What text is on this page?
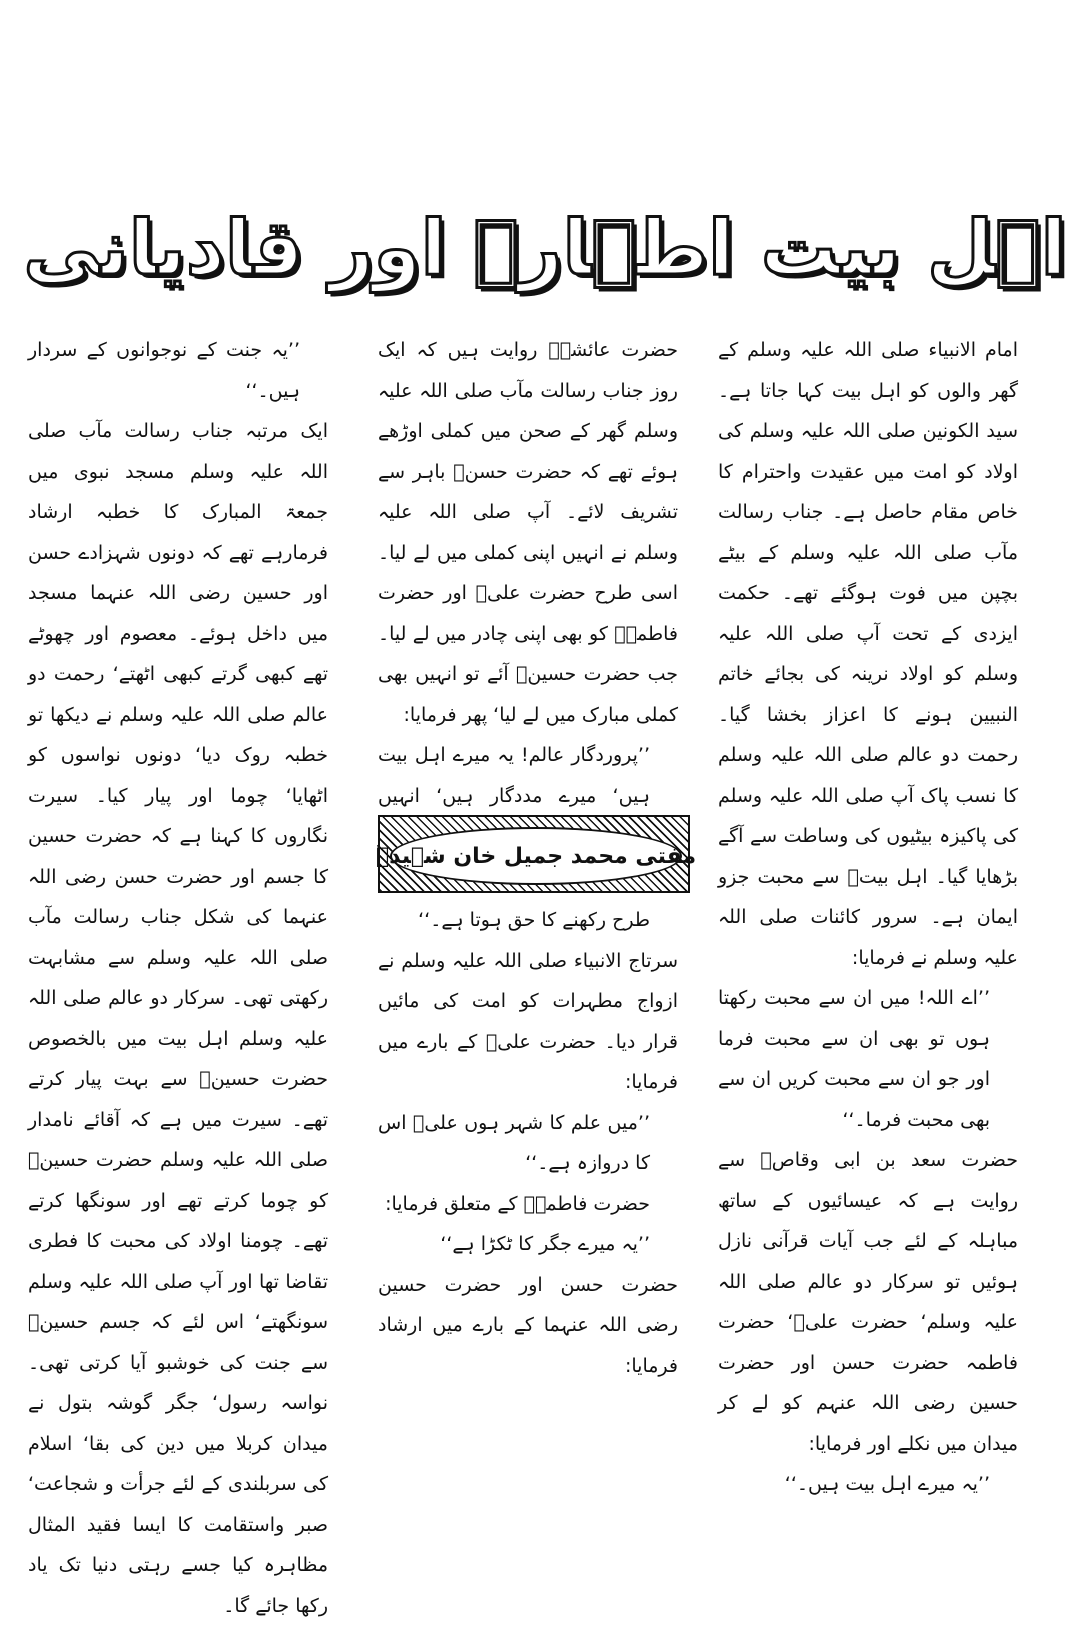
اہل بیت اطہارؓ اور قادیانی

امام الانبیاء صلی اللہ علیہ وسلم کے گھر والوں کو اہل بیت کہا جاتا ہے۔ سید الکونین صلی اللہ علیہ وسلم کی اولاد کو امت میں عقیدت واحترام کا خاص مقام حاصل ہے۔ جناب رسالت مآب صلی اللہ علیہ وسلم کے بیٹے بچپن میں فوت ہوگئے تھے۔ حکمت ایزدی کے تحت آپ صلی اللہ علیہ وسلم کو اولاد نرینہ کی بجائے خاتم النبیین ہونے کا اعزاز بخشا گیا۔ رحمت دو عالم صلی اللہ علیہ وسلم کا نسب پاک آپ صلی اللہ علیہ وسلم کی پاکیزہ بیٹیوں کی وساطت سے آگے بڑھایا گیا۔ اہل بیتؓ سے محبت جزو ایمان ہے۔ سرور کائنات صلی اللہ علیہ وسلم نے فرمایا:

’’اے اللہ! میں ان سے محبت رکھتا ہوں تو بھی ان سے محبت فرما اور جو ان سے محبت کریں ان سے بھی محبت فرما۔‘‘

حضرت سعد بن ابی وقاصؓ سے روایت ہے کہ عیسائیوں کے ساتھ مباہلہ کے لئے جب آیات قرآنی نازل ہوئیں تو سرکار دو عالم صلی اللہ علیہ وسلم‘ حضرت علیؓ‘ حضرت فاطمہ حضرت حسن اور حضرت حسین رضی اللہ عنہم کو لے کر میدان میں نکلے اور فرمایا:

’’یہ میرے اہل بیت ہیں۔‘‘

حضرت عائشہؓ روایت ہیں کہ ایک روز جناب رسالت مآب صلی اللہ علیہ وسلم گھر کے صحن میں کملی اوڑھے ہوئے تھے کہ حضرت حسنؓ باہر سے تشریف لائے۔ آپ صلی اللہ علیہ وسلم نے انہیں اپنی کملی میں لے لیا۔ اسی طرح حضرت علیؓ اور حضرت فاطمہؓ کو بھی اپنی چادر میں لے لیا۔ جب حضرت حسینؓ آئے تو انہیں بھی کملی مبارک میں لے لیا‘ پھر فرمایا:

’’پروردگار عالم! یہ میرے اہل بیت ہیں‘ میرے مددگار ہیں‘ انہیں

مفتی محمد جمیل خان شہیدؒ

طرح رکھنے کا حق ہوتا ہے۔‘‘

سرتاج الانبیاء صلی اللہ علیہ وسلم نے ازواج مطہرات کو امت کی مائیں قرار دیا۔ حضرت علیؓ کے بارے میں فرمایا:

’’میں علم کا شہر ہوں علیؓ اس کا دروازہ ہے۔‘‘

حضرت فاطمہؓ کے متعلق فرمایا:

’’یہ میرے جگر کا ٹکڑا ہے‘‘

حضرت حسن اور حضرت حسین رضی اللہ عنہما کے بارے میں ارشاد فرمایا:

’’یہ جنت کے نوجوانوں کے سردار ہیں۔‘‘

ایک مرتبہ جناب رسالت مآب صلی اللہ علیہ وسلم مسجد نبوی میں جمعۃ المبارک کا خطبہ ارشاد فرمارہے تھے کہ دونوں شہزادے حسن اور حسین رضی اللہ عنہما مسجد میں داخل ہوئے۔ معصوم اور چھوٹے تھے کبھی گرتے کبھی اٹھتے‘ رحمت دو عالم صلی اللہ علیہ وسلم نے دیکھا تو خطبہ روک دیا‘ دونوں نواسوں کو اٹھایا‘ چوما اور پیار کیا۔ سیرت نگاروں کا کہنا ہے کہ حضرت حسین کا جسم اور حضرت حسن رضی اللہ عنہما کی شکل جناب رسالت مآب صلی اللہ علیہ وسلم سے مشابہت رکھتی تھی۔ سرکار دو عالم صلی اللہ علیہ وسلم اہل بیت میں بالخصوص حضرت حسینؓ سے بہت پیار کرتے تھے۔ سیرت میں ہے کہ آقائے نامدار صلی اللہ علیہ وسلم حضرت حسینؓ کو چوما کرتے تھے اور سونگھا کرتے تھے۔ چومنا اولاد کی محبت کا فطری تقاضا تھا اور آپ صلی اللہ علیہ وسلم سونگھتے‘ اس لئے کہ جسم حسینؓ سے جنت کی خوشبو آیا کرتی تھی۔ نواسہ رسول‘ جگر گوشہ بتول نے میدان کربلا میں دین کی بقا‘ اسلام کی سربلندی کے لئے جرأت و شجاعت‘ صبر واستقامت کا ایسا فقید المثال مظاہرہ کیا جسے رہتی دنیا تک یاد رکھا جائے گا۔
